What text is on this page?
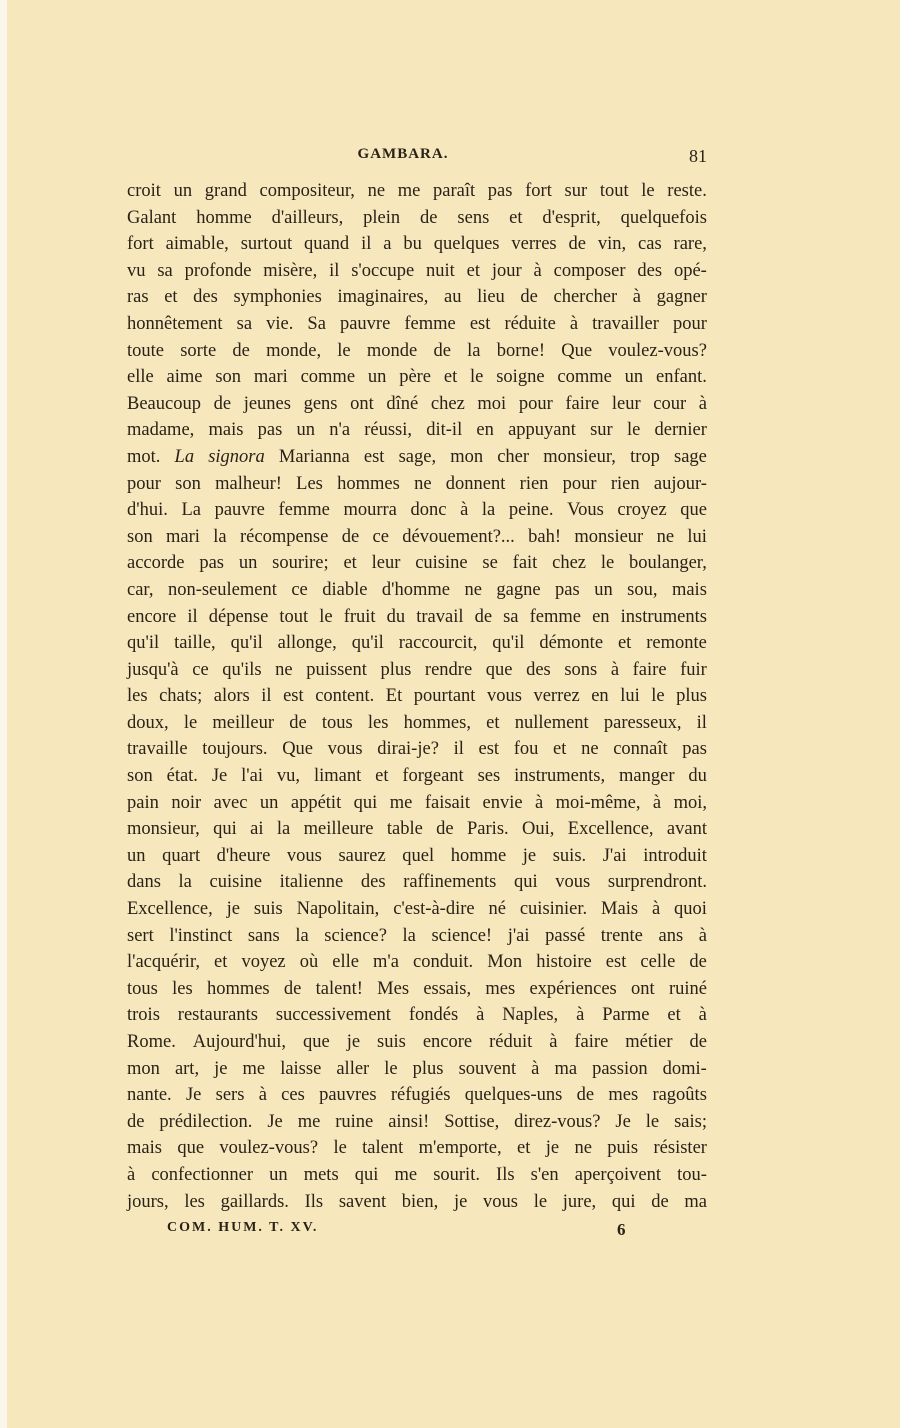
GAMBARA.	81
croit un grand compositeur, ne me paraît pas fort sur tout le reste.
Galant homme d'ailleurs, plein de sens et d'esprit, quelquefois
fort aimable, surtout quand il a bu quelques verres de vin, cas rare,
vu sa profonde misère, il s'occupe nuit et jour à composer des opé-
ras et des symphonies imaginaires, au lieu de chercher à gagner
honnêtement sa vie. Sa pauvre femme est réduite à travailler pour
toute sorte de monde, le monde de la borne! Que voulez-vous?
elle aime son mari comme un père et le soigne comme un enfant.
Beaucoup de jeunes gens ont dîné chez moi pour faire leur cour à
madame, mais pas un n'a réussi, dit-il en appuyant sur le dernier
mot. La signora Marianna est sage, mon cher monsieur, trop sage
pour son malheur! Les hommes ne donnent rien pour rien aujour-
d'hui. La pauvre femme mourra donc à la peine. Vous croyez que
son mari la récompense de ce dévouement?... bah! monsieur ne lui
accorde pas un sourire; et leur cuisine se fait chez le boulanger,
car, non-seulement ce diable d'homme ne gagne pas un sou, mais
encore il dépense tout le fruit du travail de sa femme en instruments
qu'il taille, qu'il allonge, qu'il raccourcit, qu'il démonte et remonte
jusqu'à ce qu'ils ne puissent plus rendre que des sons à faire fuir
les chats; alors il est content. Et pourtant vous verrez en lui le plus
doux, le meilleur de tous les hommes, et nullement paresseux, il
travaille toujours. Que vous dirai-je? il est fou et ne connaît pas
son état. Je l'ai vu, limant et forgeant ses instruments, manger du
pain noir avec un appétit qui me faisait envie à moi-même, à moi,
monsieur, qui ai la meilleure table de Paris. Oui, Excellence, avant
un quart d'heure vous saurez quel homme je suis. J'ai introduit
dans la cuisine italienne des raffinements qui vous surprendront.
Excellence, je suis Napolitain, c'est-à-dire né cuisinier. Mais à quoi
sert l'instinct sans la science? la science! j'ai passé trente ans à
l'acquérir, et voyez où elle m'a conduit. Mon histoire est celle de
tous les hommes de talent! Mes essais, mes expériences ont ruiné
trois restaurants successivement fondés à Naples, à Parme et à
Rome. Aujourd'hui, que je suis encore réduit à faire métier de
mon art, je me laisse aller le plus souvent à ma passion domi-
nante. Je sers à ces pauvres réfugiés quelques-uns de mes ragoûts
de prédilection. Je me ruine ainsi! Sottise, direz-vous? Je le sais;
mais que voulez-vous? le talent m'emporte, et je ne puis résister
à confectionner un mets qui me sourit. Ils s'en aperçoivent tou-
jours, les gaillards. Ils savent bien, je vous le jure, qui de ma
COM. HUM. T. XV.	6
